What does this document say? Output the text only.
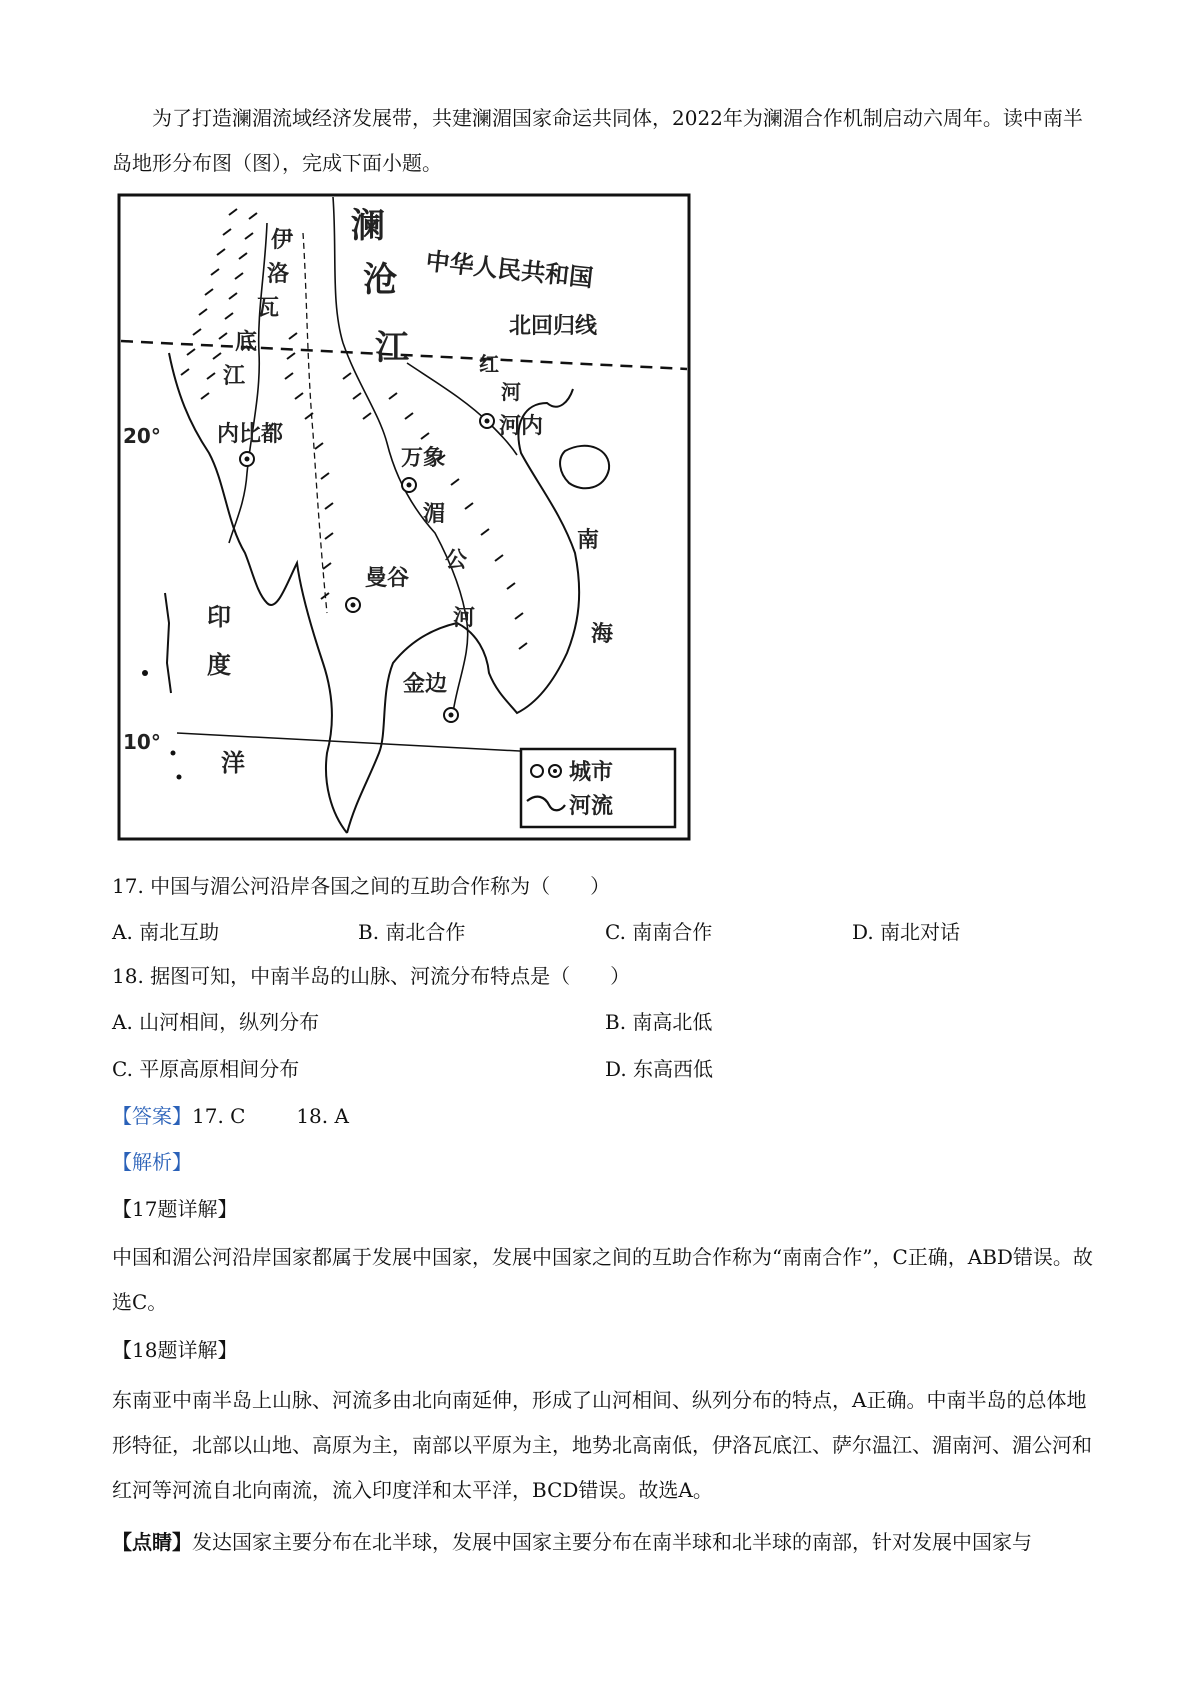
为了打造澜湄流域经济发展带，共建澜湄国家命运共同体，2022年为澜湄合作机制启动六周年。读中南半岛地形分布图（图），完成下面小题。

澜
沧
江
中华人民共和国
北回归线
伊
洛
瓦
底
江	红
河
河内
20°
10°
内比都
万象
湄
公
河
曼谷
金边
南
海
印
度
洋	城市
河流
17. 中国与湄公河沿岸各国之间的互助合作称为（　　）
A. 南北互助	B. 南北合作	C. 南南合作	D. 南北对话
18. 据图可知，中南半岛的山脉、河流分布特点是（　　）
A. 山河相间，纵列分布	B. 南高北低
C. 平原高原相间分布	D. 东高西低
【答案】17. C        18. A
【解析】
【17题详解】

中国和湄公河沿岸国家都属于发展中国家，发展中国家之间的互助合作称为“南南合作”，C正确，ABD错误。故选C。

【18题详解】

东南亚中南半岛上山脉、河流多由北向南延伸，形成了山河相间、纵列分布的特点，A正确。中南半岛的总体地形特征，北部以山地、高原为主，南部以平原为主，地势北高南低，伊洛瓦底江、萨尔温江、湄南河、湄公河和红河等河流自北向南流，流入印度洋和太平洋，BCD错误。故选A。

【点睛】发达国家主要分布在北半球，发展中国家主要分布在南半球和北半球的南部，针对发展中国家与
